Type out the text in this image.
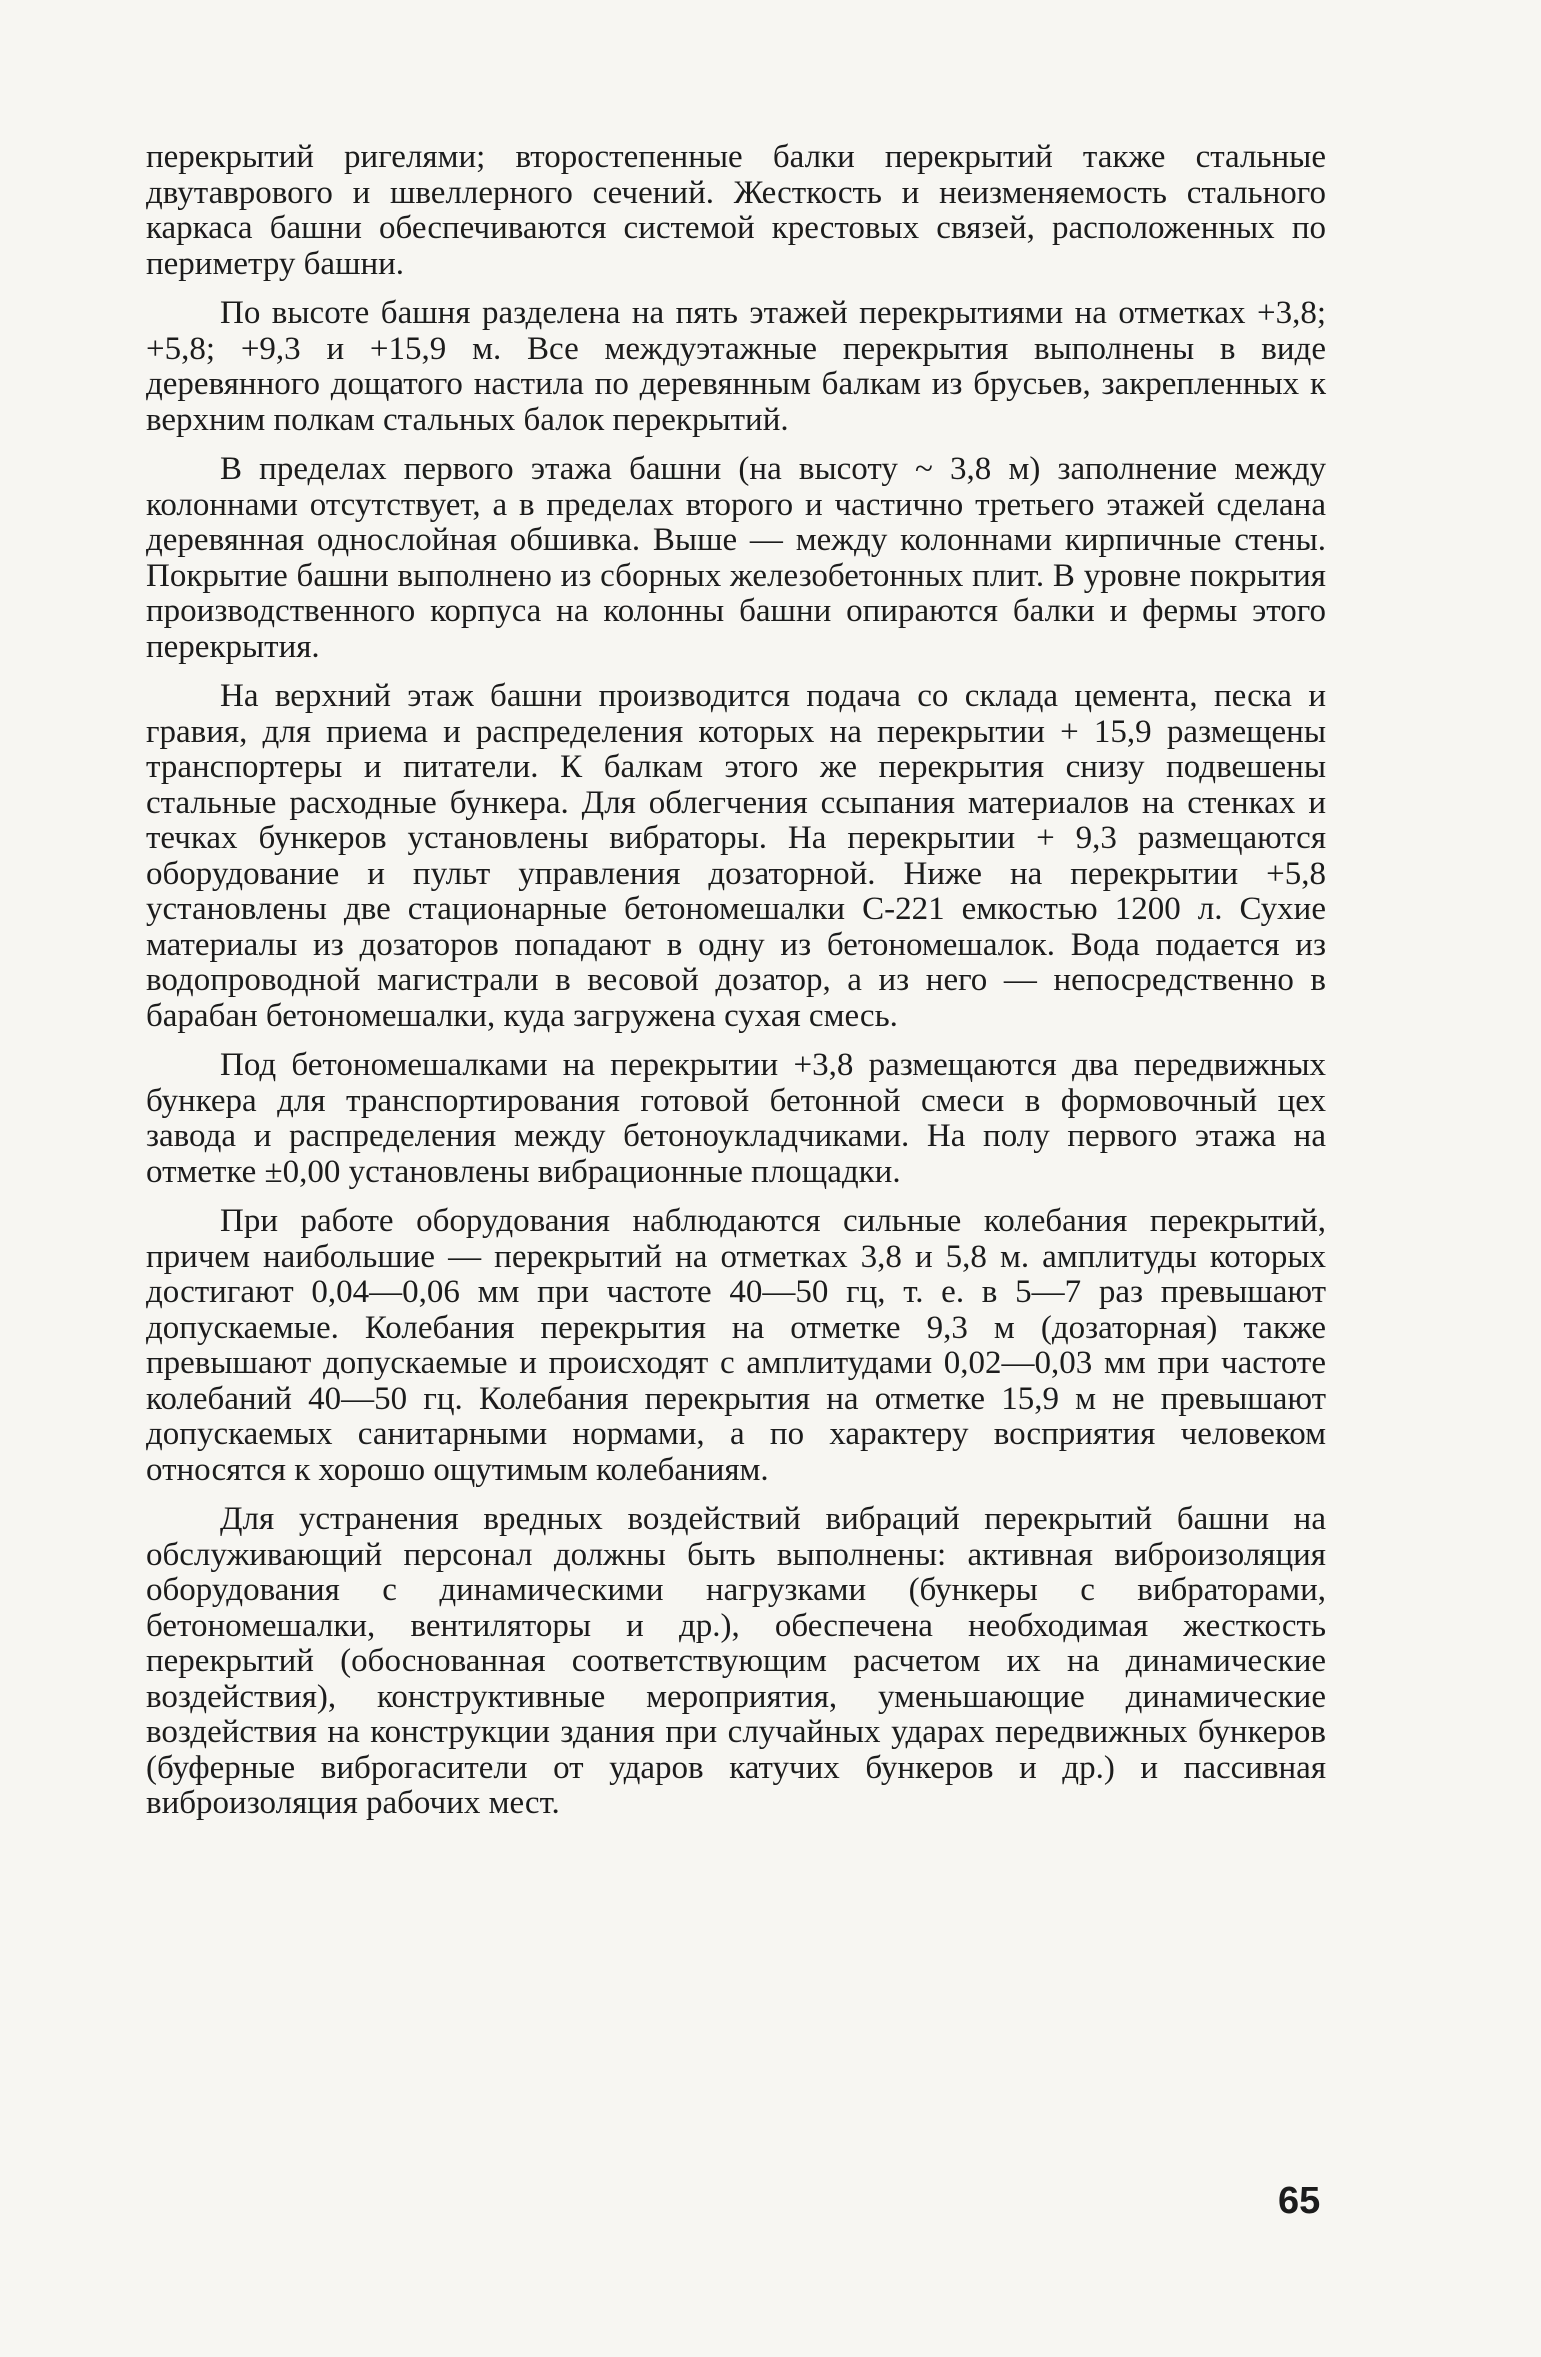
перекрытий ригелями; второстепенные балки перекрытий также стальные двутаврового и швеллерного сечений. Жесткость и неизменяемость стального каркаса башни обеспечиваются системой крестовых связей, расположенных по периметру башни.

По высоте башня разделена на пять этажей перекрытиями на отметках +3,8; +5,8; +9,3 и +15,9 м. Все междуэтажные перекрытия выполнены в виде деревянного дощатого настила по деревянным балкам из брусьев, закрепленных к верхним полкам стальных балок перекрытий.

В пределах первого этажа башни (на высоту ~ 3,8 м) заполнение между колоннами отсутствует, а в пределах второго и частично третьего этажей сделана деревянная однослойная обшивка. Выше — между колоннами кирпичные стены. Покрытие башни выполнено из сборных железобетонных плит. В уровне покрытия производственного корпуса на колонны башни опираются балки и фермы этого перекрытия.

На верхний этаж башни производится подача со склада цемента, песка и гравия, для приема и распределения которых на перекрытии + 15,9 размещены транспортеры и питатели. К балкам этого же перекрытия снизу подвешены стальные расходные бункера. Для облегчения ссыпания материалов на стенках и течках бункеров установлены вибраторы. На перекрытии + 9,3 размещаются оборудование и пульт управления дозаторной. Ниже на перекрытии +5,8 установлены две стационарные бетономешалки С-221 емкостью 1200 л. Сухие материалы из дозаторов попадают в одну из бетономешалок. Вода подается из водопроводной магистрали в весовой дозатор, а из него — непосредственно в барабан бетономешалки, куда загружена сухая смесь.

Под бетономешалками на перекрытии +3,8 размещаются два передвижных бункера для транспортирования готовой бетонной смеси в формовочный цех завода и распределения между бетоноукладчиками. На полу первого этажа на отметке ±0,00 установлены вибрационные площадки.

При работе оборудования наблюдаются сильные колебания перекрытий, причем наибольшие — перекрытий на отметках 3,8 и 5,8 м. амплитуды которых достигают 0,04—0,06 мм при частоте 40—50 гц, т. е. в 5—7 раз превышают допускаемые. Колебания перекрытия на отметке 9,3 м (дозаторная) также превышают допускаемые и происходят с амплитудами 0,02—0,03 мм при частоте колебаний 40—50 гц. Колебания перекрытия на отметке 15,9 м не превышают допускаемых санитарными нормами, а по характеру восприятия человеком относятся к хорошо ощутимым колебаниям.

Для устранения вредных воздействий вибраций перекрытий башни на обслуживающий персонал должны быть выполнены: активная виброизоляция оборудования с динамическими нагрузками (бункеры с вибраторами, бетономешалки, вентиляторы и др.), обеспечена необходимая жесткость перекрытий (обоснованная соответствующим расчетом их на динамические воздействия), конструктивные мероприятия, уменьшающие динамические воздействия на конструкции здания при случайных ударах передвижных бункеров (буферные виброгасители от ударов катучих бункеров и др.) и пассивная виброизоляция рабочих мест.

65
